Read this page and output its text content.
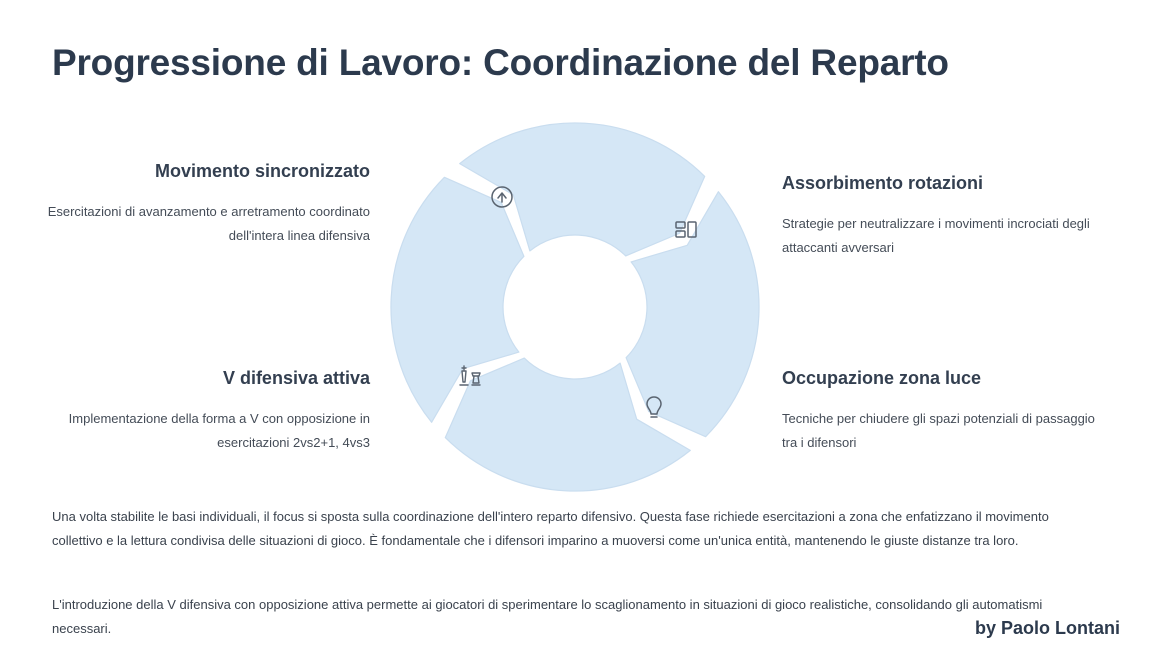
Progressione di Lavoro: Coordinazione del Reparto

Movimento sincronizzato

Esercitazioni di avanzamento e arretramento coordinato dell'intera linea difensiva

Assorbimento rotazioni

Strategie per neutralizzare i movimenti incrociati degli attaccanti avversari

Occupazione zona luce

Tecniche per chiudere gli spazi potenziali di passaggio tra i difensori

V difensiva attiva

Implementazione della forma a V con opposizione in esercitazioni 2vs2+1, 4vs3

Una volta stabilite le basi individuali, il focus si sposta sulla coordinazione dell'intero reparto difensivo. Questa fase richiede esercitazioni a zona che enfatizzano il movimento collettivo e la lettura condivisa delle situazioni di gioco. È fondamentale che i difensori imparino a muoversi come un'unica entità, mantenendo le giuste distanze tra loro.

L'introduzione della V difensiva con opposizione attiva permette ai giocatori di sperimentare lo scaglionamento in situazioni di gioco realistiche, consolidando gli automatismi necessari.	by Paolo Lontani
